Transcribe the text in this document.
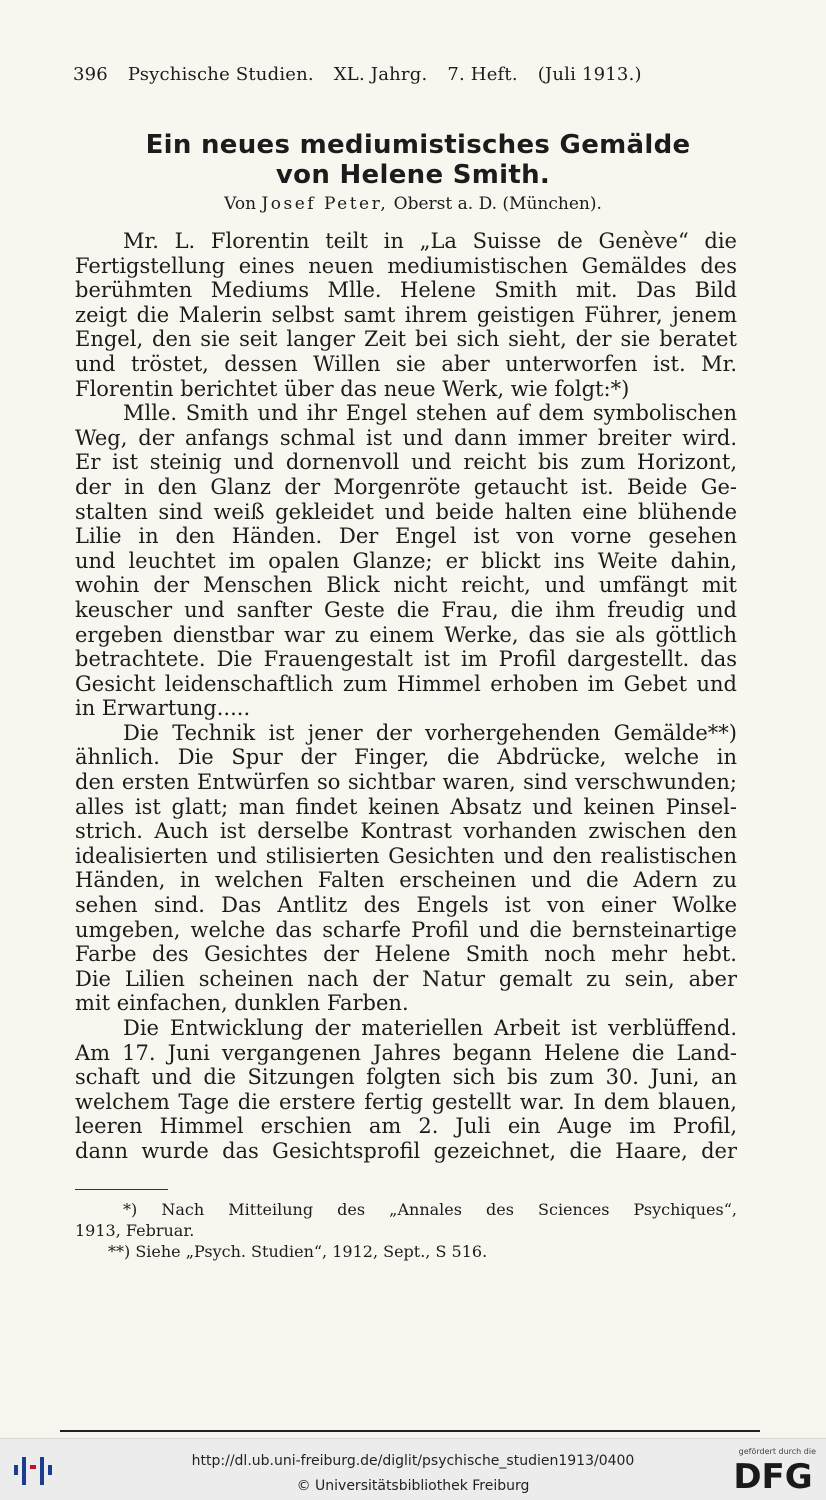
396 Psychische Studien. XL. Jahrg. 7. Heft. (Juli 1913.)
Ein neues mediumistisches Gemälde
von Helene Smith.
Von Josef Peter, Oberst a. D. (München).
Mr. L. Florentin teilt in „La Suisse de Genève“ die
Fertigstellung eines neuen mediumistischen Gemäldes des
berühmten Mediums Mlle. Helene Smith mit. Das Bild
zeigt die Malerin selbst samt ihrem geistigen Führer, jenem
Engel, den sie seit langer Zeit bei sich sieht, der sie beratet
und tröstet, dessen Willen sie aber unterworfen ist. Mr.
Florentin berichtet über das neue Werk, wie folgt:*)
Mlle. Smith und ihr Engel stehen auf dem symbolischen
Weg, der anfangs schmal ist und dann immer breiter wird.
Er ist steinig und dornenvoll und reicht bis zum Horizont,
der in den Glanz der Morgenröte getaucht ist. Beide Ge-
stalten sind weiß gekleidet und beide halten eine blühende
Lilie in den Händen. Der Engel ist von vorne gesehen
und leuchtet im opalen Glanze; er blickt ins Weite dahin,
wohin der Menschen Blick nicht reicht, und umfängt mit
keuscher und sanfter Geste die Frau, die ihm freudig und
ergeben dienstbar war zu einem Werke, das sie als göttlich
betrachtete. Die Frauengestalt ist im Profil dargestellt. das
Gesicht leidenschaftlich zum Himmel erhoben im Gebet und
in Erwartung.....
Die Technik ist jener der vorhergehenden Gemälde**)
ähnlich. Die Spur der Finger, die Abdrücke, welche in
den ersten Entwürfen so sichtbar waren, sind verschwunden;
alles ist glatt; man findet keinen Absatz und keinen Pinsel-
strich. Auch ist derselbe Kontrast vorhanden zwischen den
idealisierten und stilisierten Gesichten und den realistischen
Händen, in welchen Falten erscheinen und die Adern zu
sehen sind. Das Antlitz des Engels ist von einer Wolke
umgeben, welche das scharfe Profil und die bernsteinartige
Farbe des Gesichtes der Helene Smith noch mehr hebt.
Die Lilien scheinen nach der Natur gemalt zu sein, aber
mit einfachen, dunklen Farben.
Die Entwicklung der materiellen Arbeit ist verblüffend.
Am 17. Juni vergangenen Jahres begann Helene die Land-
schaft und die Sitzungen folgten sich bis zum 30. Juni, an
welchem Tage die erstere fertig gestellt war. In dem blauen,
leeren Himmel erschien am 2. Juli ein Auge im Profil,
dann wurde das Gesichtsprofil gezeichnet, die Haare, der
*) Nach Mitteilung des „Annales des Sciences Psychiques“,
1913, Februar.
**) Siehe „Psych. Studien“, 1912, Sept., S 516.
http://dl.ub.uni-freiburg.de/diglit/psychische_studien1913/0400
© Universitätsbibliothek Freiburg
gefördert durch die
DFG
